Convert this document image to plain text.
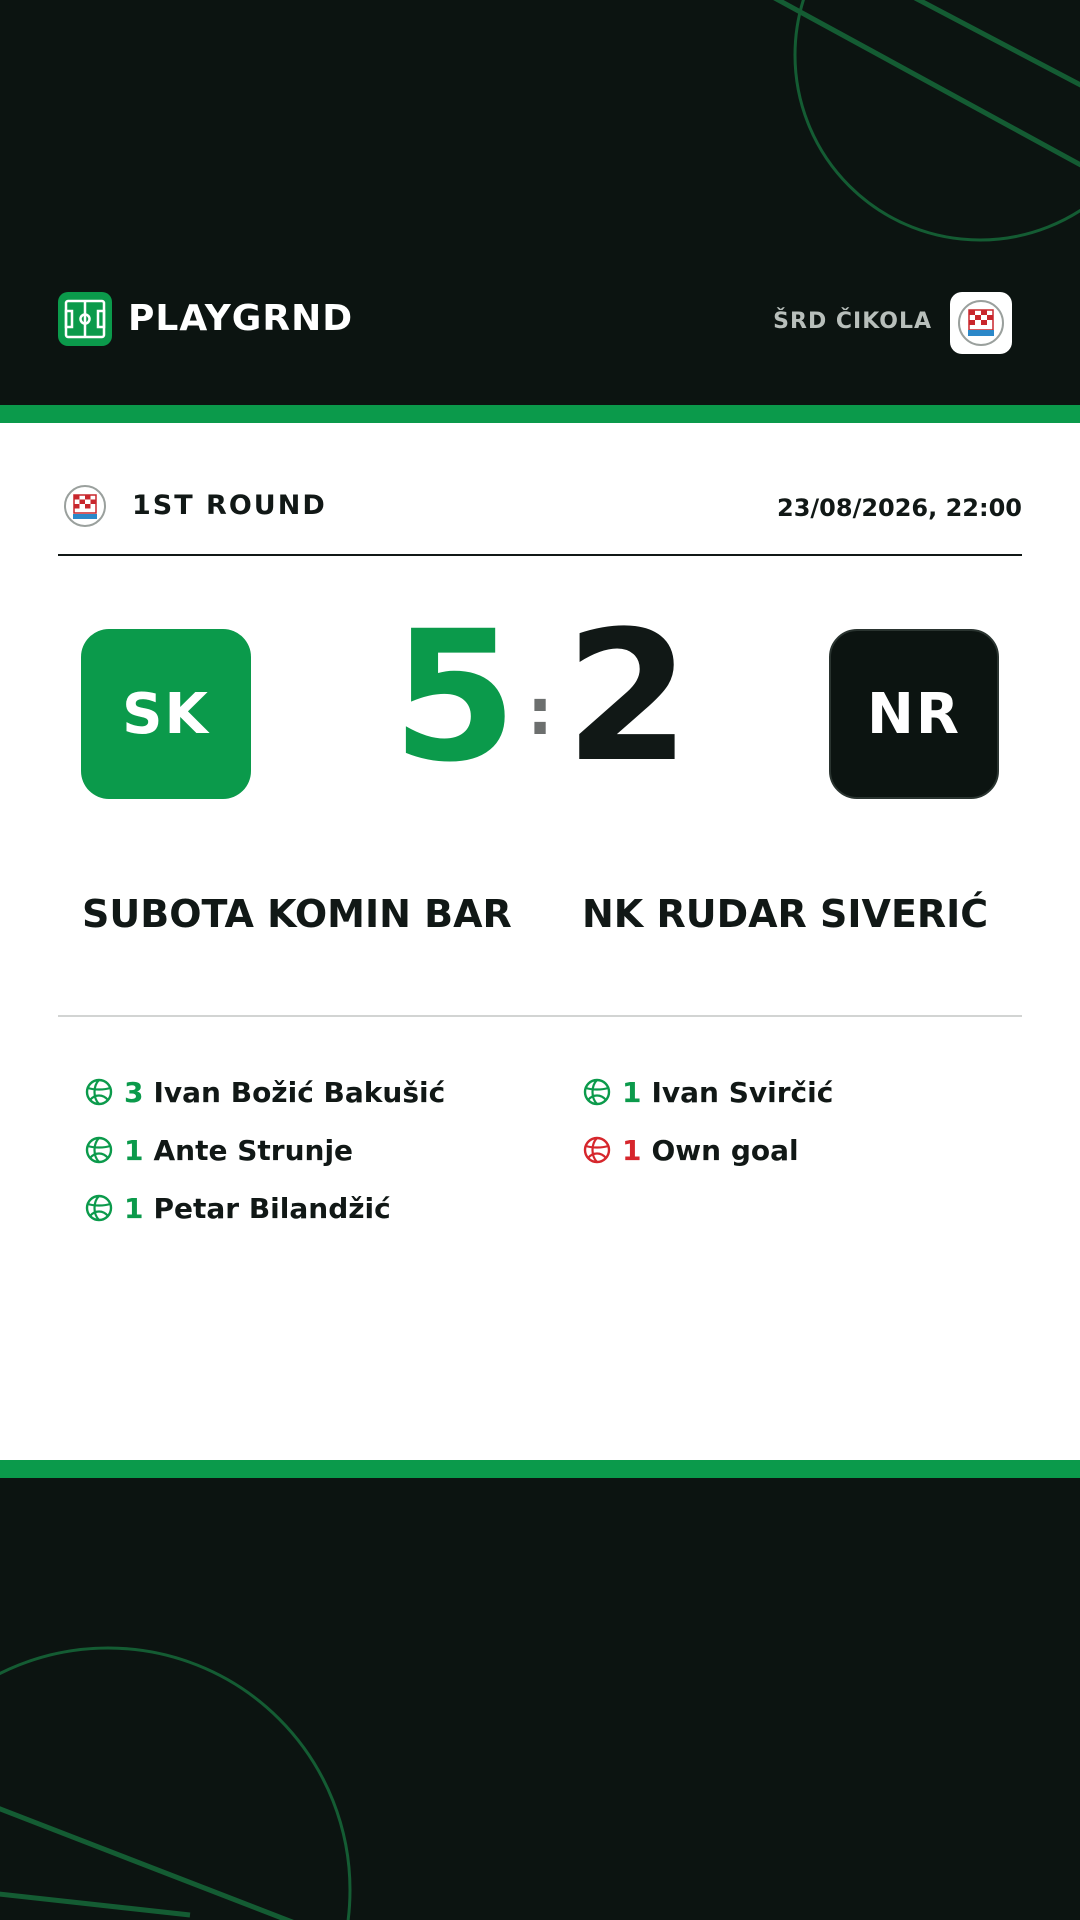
PLAYGRND	ŠRD ČIKOLA
1ST ROUND	23/08/2026, 22:00
SK 5 : 2	NR
SUBOTA KOMIN BAR NK RUDAR SIVERIĆ
3 Ivan Božić Bakušić
1 Ante Strunje
1 Petar Bilandžić
1 Ivan Svirčić
1 Own goal
